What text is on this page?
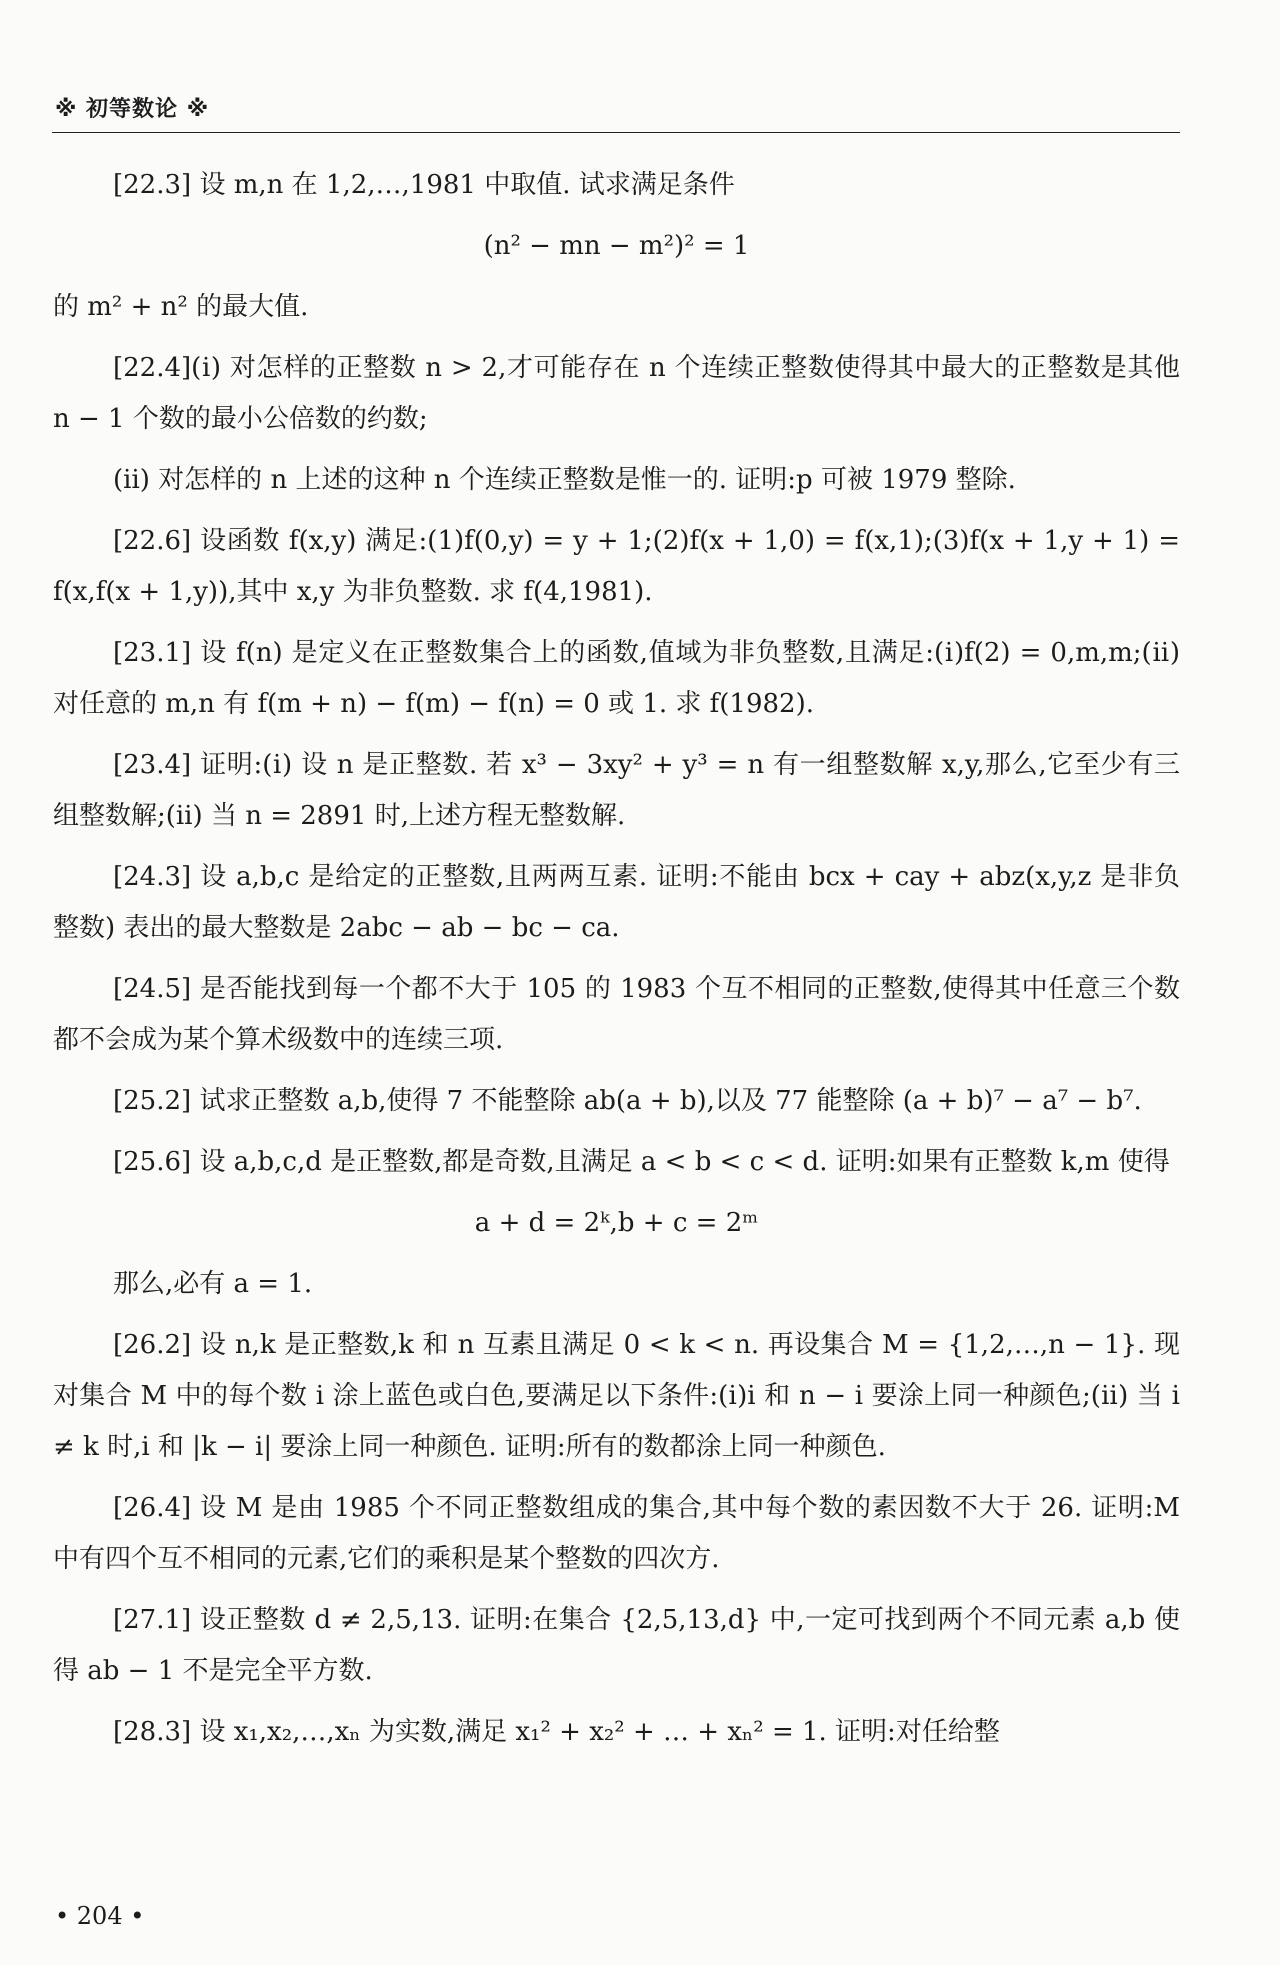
※ 初等数论 ※

[22.3] 设 m,n 在 1,2,…,1981 中取值. 试求满足条件

(n² − mn − m²)² = 1

的 m² + n² 的最大值.

[22.4](ⅰ) 对怎样的正整数 n > 2,才可能存在 n 个连续正整数使得其中最大的正整数是其他 n − 1 个数的最小公倍数的约数;

(ⅱ) 对怎样的 n 上述的这种 n 个连续正整数是惟一的. 证明:p 可被 1979 整除.

[22.6] 设函数 f(x,y) 满足:(1)f(0,y) = y + 1;(2)f(x + 1,0) = f(x,1);(3)f(x + 1,y + 1) = f(x,f(x + 1,y)),其中 x,y 为非负整数. 求 f(4,1981).

[23.1] 设 f(n) 是定义在正整数集合上的函数,值域为非负整数,且满足:(ⅰ)f(2) = 0,m,m;(ⅱ) 对任意的 m,n 有 f(m + n) − f(m) − f(n) = 0 或 1. 求 f(1982).

[23.4] 证明:(ⅰ) 设 n 是正整数. 若 x³ − 3xy² + y³ = n 有一组整数解 x,y,那么,它至少有三组整数解;(ⅱ) 当 n = 2891 时,上述方程无整数解.

[24.3] 设 a,b,c 是给定的正整数,且两两互素. 证明:不能由 bcx + cay + abz(x,y,z 是非负整数) 表出的最大整数是 2abc − ab − bc − ca.

[24.5] 是否能找到每一个都不大于 105 的 1983 个互不相同的正整数,使得其中任意三个数都不会成为某个算术级数中的连续三项.

[25.2] 试求正整数 a,b,使得 7 不能整除 ab(a + b),以及 77 能整除 (a + b)⁷ − a⁷ − b⁷.

[25.6] 设 a,b,c,d 是正整数,都是奇数,且满足 a < b < c < d. 证明:如果有正整数 k,m 使得

a + d = 2ᵏ,b + c = 2ᵐ

那么,必有 a = 1.

[26.2] 设 n,k 是正整数,k 和 n 互素且满足 0 < k < n. 再设集合 M = {1,2,…,n − 1}. 现对集合 M 中的每个数 i 涂上蓝色或白色,要满足以下条件:(ⅰ)i 和 n − i 要涂上同一种颜色;(ⅱ) 当 i ≠ k 时,i 和 |k − i| 要涂上同一种颜色. 证明:所有的数都涂上同一种颜色.

[26.4] 设 M 是由 1985 个不同正整数组成的集合,其中每个数的素因数不大于 26. 证明:M 中有四个互不相同的元素,它们的乘积是某个整数的四次方.

[27.1] 设正整数 d ≠ 2,5,13. 证明:在集合 {2,5,13,d} 中,一定可找到两个不同元素 a,b 使得 ab − 1 不是完全平方数.

[28.3] 设 x₁,x₂,…,xₙ 为实数,满足 x₁² + x₂² + … + xₙ² = 1. 证明:对任给整

• 204 •
